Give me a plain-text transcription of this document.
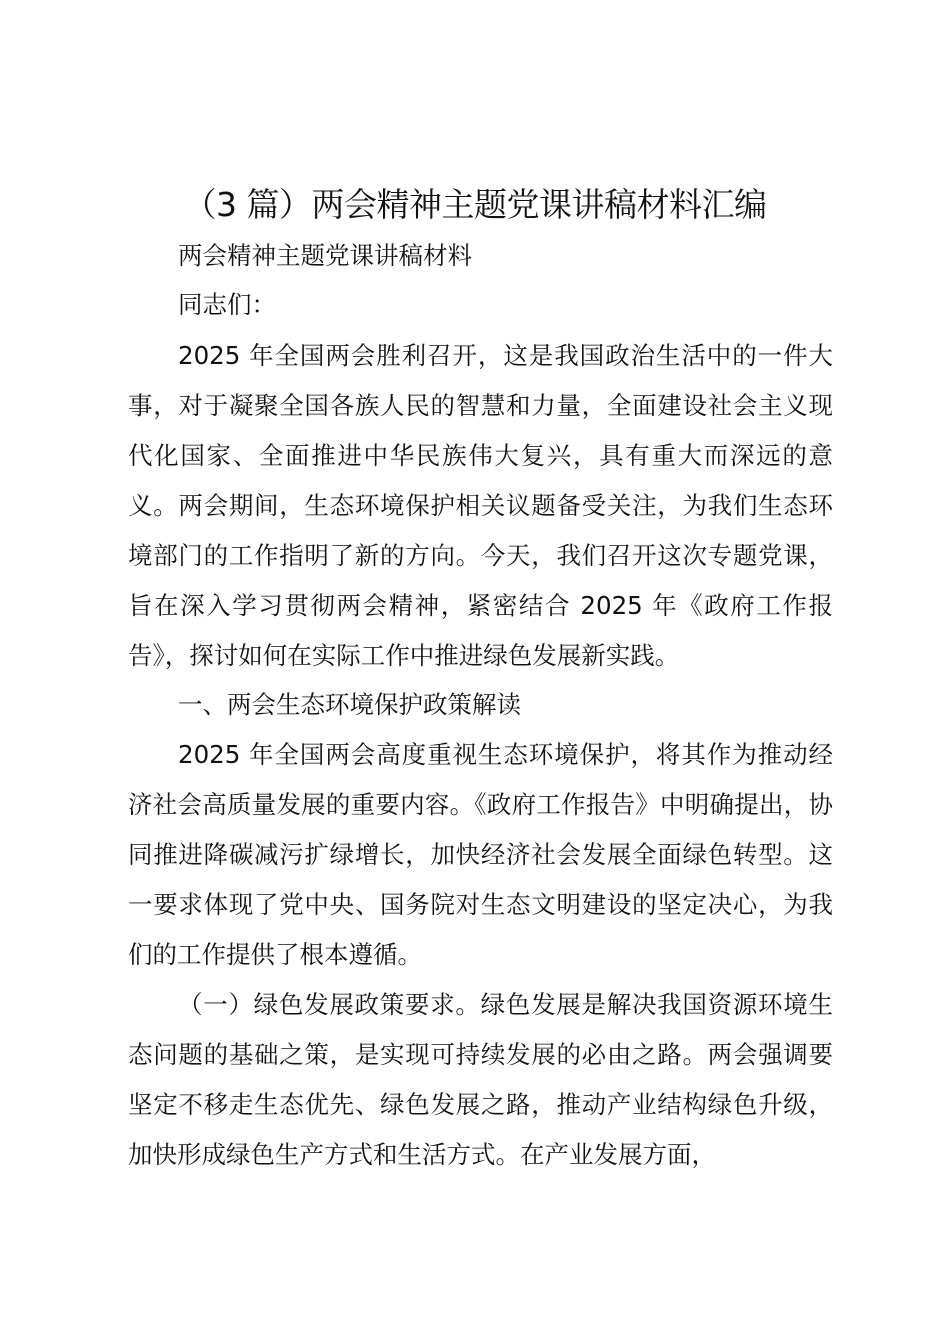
（3 篇）两会精神主题党课讲稿材料汇编
两会精神主题党课讲稿材料
同志们：
2025 年全国两会胜利召开，这是我国政治生活中的一件大事，对于凝聚全国各族人民的智慧和力量，全面建设社会主义现代化国家、全面推进中华民族伟大复兴，具有重大而深远的意义。两会期间，生态环境保护相关议题备受关注，为我们生态环境部门的工作指明了新的方向。今天，我们召开这次专题党课，旨在深入学习贯彻两会精神，紧密结合 2025 年《政府工作报告》，探讨如何在实际工作中推进绿色发展新实践。
一、两会生态环境保护政策解读
2025 年全国两会高度重视生态环境保护，将其作为推动经济社会高质量发展的重要内容。《政府工作报告》中明确提出，协同推进降碳减污扩绿增长，加快经济社会发展全面绿色转型。这一要求体现了党中央、国务院对生态文明建设的坚定决心，为我们的工作提供了根本遵循。
（一）绿色发展政策要求。绿色发展是解决我国资源环境生态问题的基础之策，是实现可持续发展的必由之路。两会强调要坚定不移走生态优先、绿色发展之路，推动产业结构绿色升级，加快形成绿色生产方式和生活方式。在产业发展方面，
